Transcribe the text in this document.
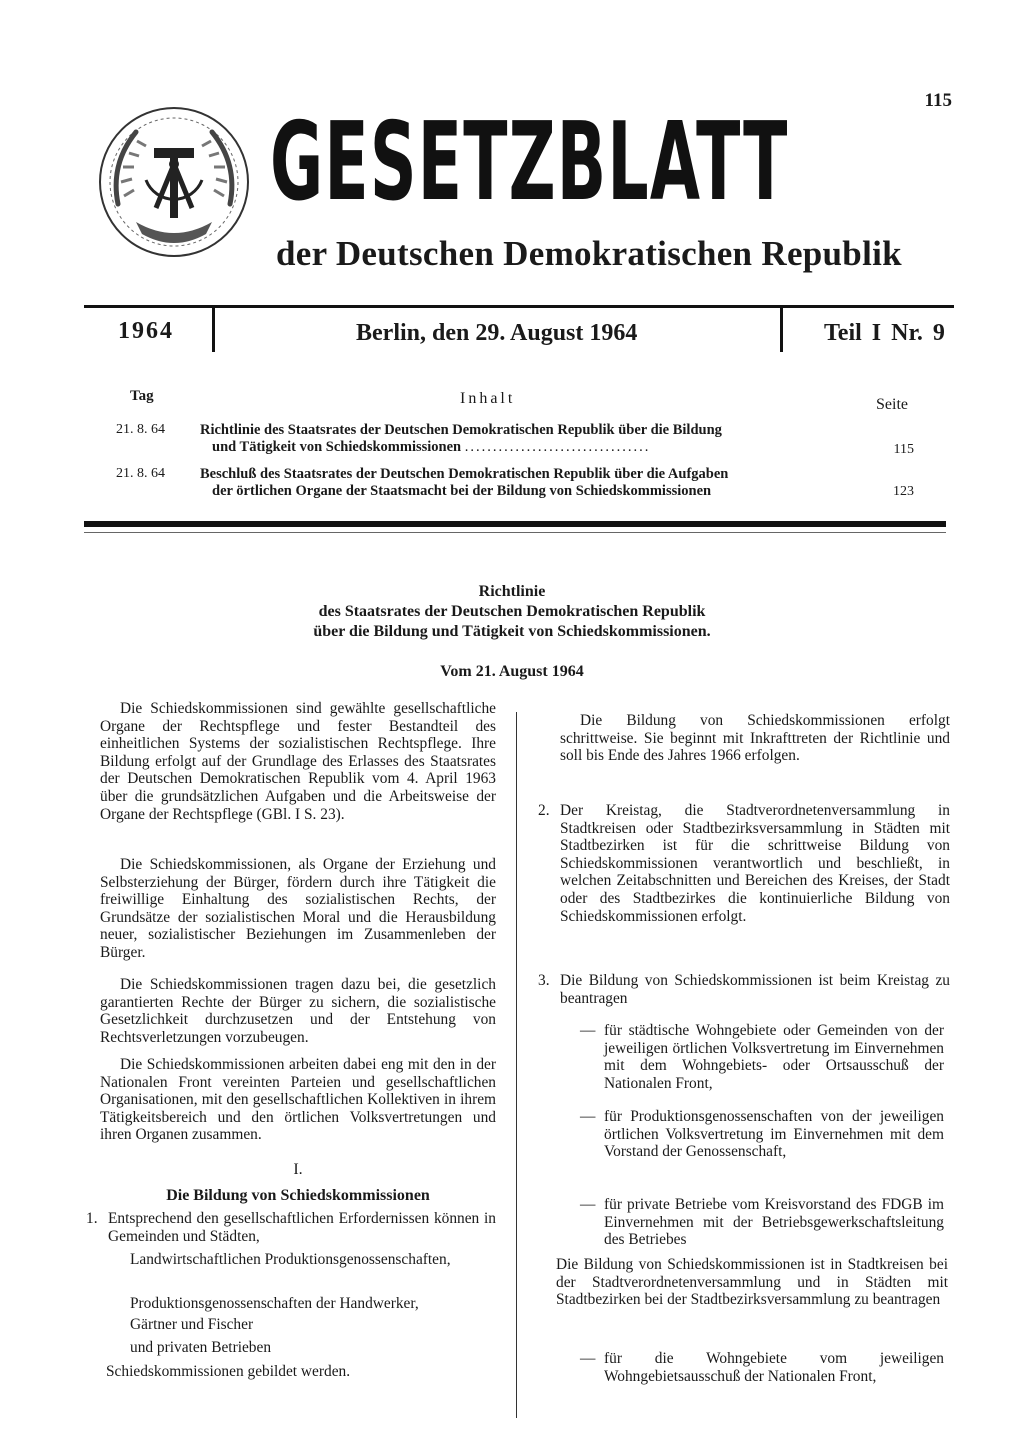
115
GESETZBLATT
der Deutschen Demokratischen Republik
1964	Berlin, den 29. August 1964	Teil I Nr. 9
Tag	Inhalt	Seite
21. 8. 64 Richtlinie des Staatsrates der Deutschen Demokratischen Republik über die Bildung
und Tätigkeit von Schiedskommissionen .................................	115
21. 8. 64 Beschluß des Staatsrates der Deutschen Demokratischen Republik über die Aufgaben
der örtlichen Organe der Staatsmacht bei der Bildung von Schiedskommissionen	123
Richtlinie
des Staatsrates der Deutschen Demokratischen Republik
über die Bildung und Tätigkeit von Schiedskommissionen.
Vom 21. August 1964
Die Schiedskommissionen sind gewählte gesellschaftliche Organe der Rechtspflege und fester Bestandteil des einheitlichen Systems der sozialistischen Rechtspflege. Ihre Bildung erfolgt auf der Grundlage des Erlasses des Staatsrates der Deutschen Demokratischen Republik vom 4. April 1963 über die grundsätzlichen Aufgaben und die Arbeitsweise der Organe der Rechtspflege (GBl. I S. 23).
Die Schiedskommissionen, als Organe der Erziehung und Selbsterziehung der Bürger, fördern durch ihre Tätigkeit die freiwillige Einhaltung des sozialistischen Rechts, der Grundsätze der sozialistischen Moral und die Herausbildung neuer, sozialistischer Beziehungen im Zusammenleben der Bürger.
Die Schiedskommissionen tragen dazu bei, die gesetzlich garantierten Rechte der Bürger zu sichern, die sozialistische Gesetzlichkeit durchzusetzen und der Entstehung von Rechtsverletzungen vorzubeugen.
Die Schiedskommissionen arbeiten dabei eng mit den in der Nationalen Front vereinten Parteien und gesellschaftlichen Organisationen, mit den gesellschaftlichen Kollektiven in ihrem Tätigkeitsbereich und den örtlichen Volksvertretungen und ihren Organen zusammen.
I.
Die Bildung von Schiedskommissionen
1. Entsprechend den gesellschaftlichen Erfordernissen können in Gemeinden und Städten,
Landwirtschaftlichen Produktionsgenossenschaften,
Produktionsgenossenschaften der Handwerker,
Gärtner und Fischer
und privaten Betrieben
Schiedskommissionen gebildet werden.
Die Bildung von Schiedskommissionen erfolgt schrittweise. Sie beginnt mit Inkrafttreten der Richtlinie und soll bis Ende des Jahres 1966 erfolgen.
2. Der Kreistag, die Stadtverordnetenversammlung in Stadtkreisen oder Stadtbezirksversammlung in Städten mit Stadtbezirken ist für die schrittweise Bildung von Schiedskommissionen verantwortlich und beschließt, in welchen Zeitabschnitten und Bereichen des Kreises, der Stadt oder des Stadtbezirkes die kontinuierliche Bildung von Schiedskommissionen erfolgt.
3. Die Bildung von Schiedskommissionen ist beim Kreistag zu beantragen
— für städtische Wohngebiete oder Gemeinden von der jeweiligen örtlichen Volksvertretung im Einvernehmen mit dem Wohngebiets- oder Ortsausschuß der Nationalen Front,
— für Produktionsgenossenschaften von der jeweiligen örtlichen Volksvertretung im Einvernehmen mit dem Vorstand der Genossenschaft,
— für private Betriebe vom Kreisvorstand des FDGB im Einvernehmen mit der Betriebsgewerkschaftsleitung des Betriebes
Die Bildung von Schiedskommissionen ist in Stadtkreisen bei der Stadtverordnetenversammlung und in Städten mit Stadtbezirken bei der Stadtbezirksversammlung zu beantragen
— für die Wohngebiete vom jeweiligen Wohngebietsausschuß der Nationalen Front,
